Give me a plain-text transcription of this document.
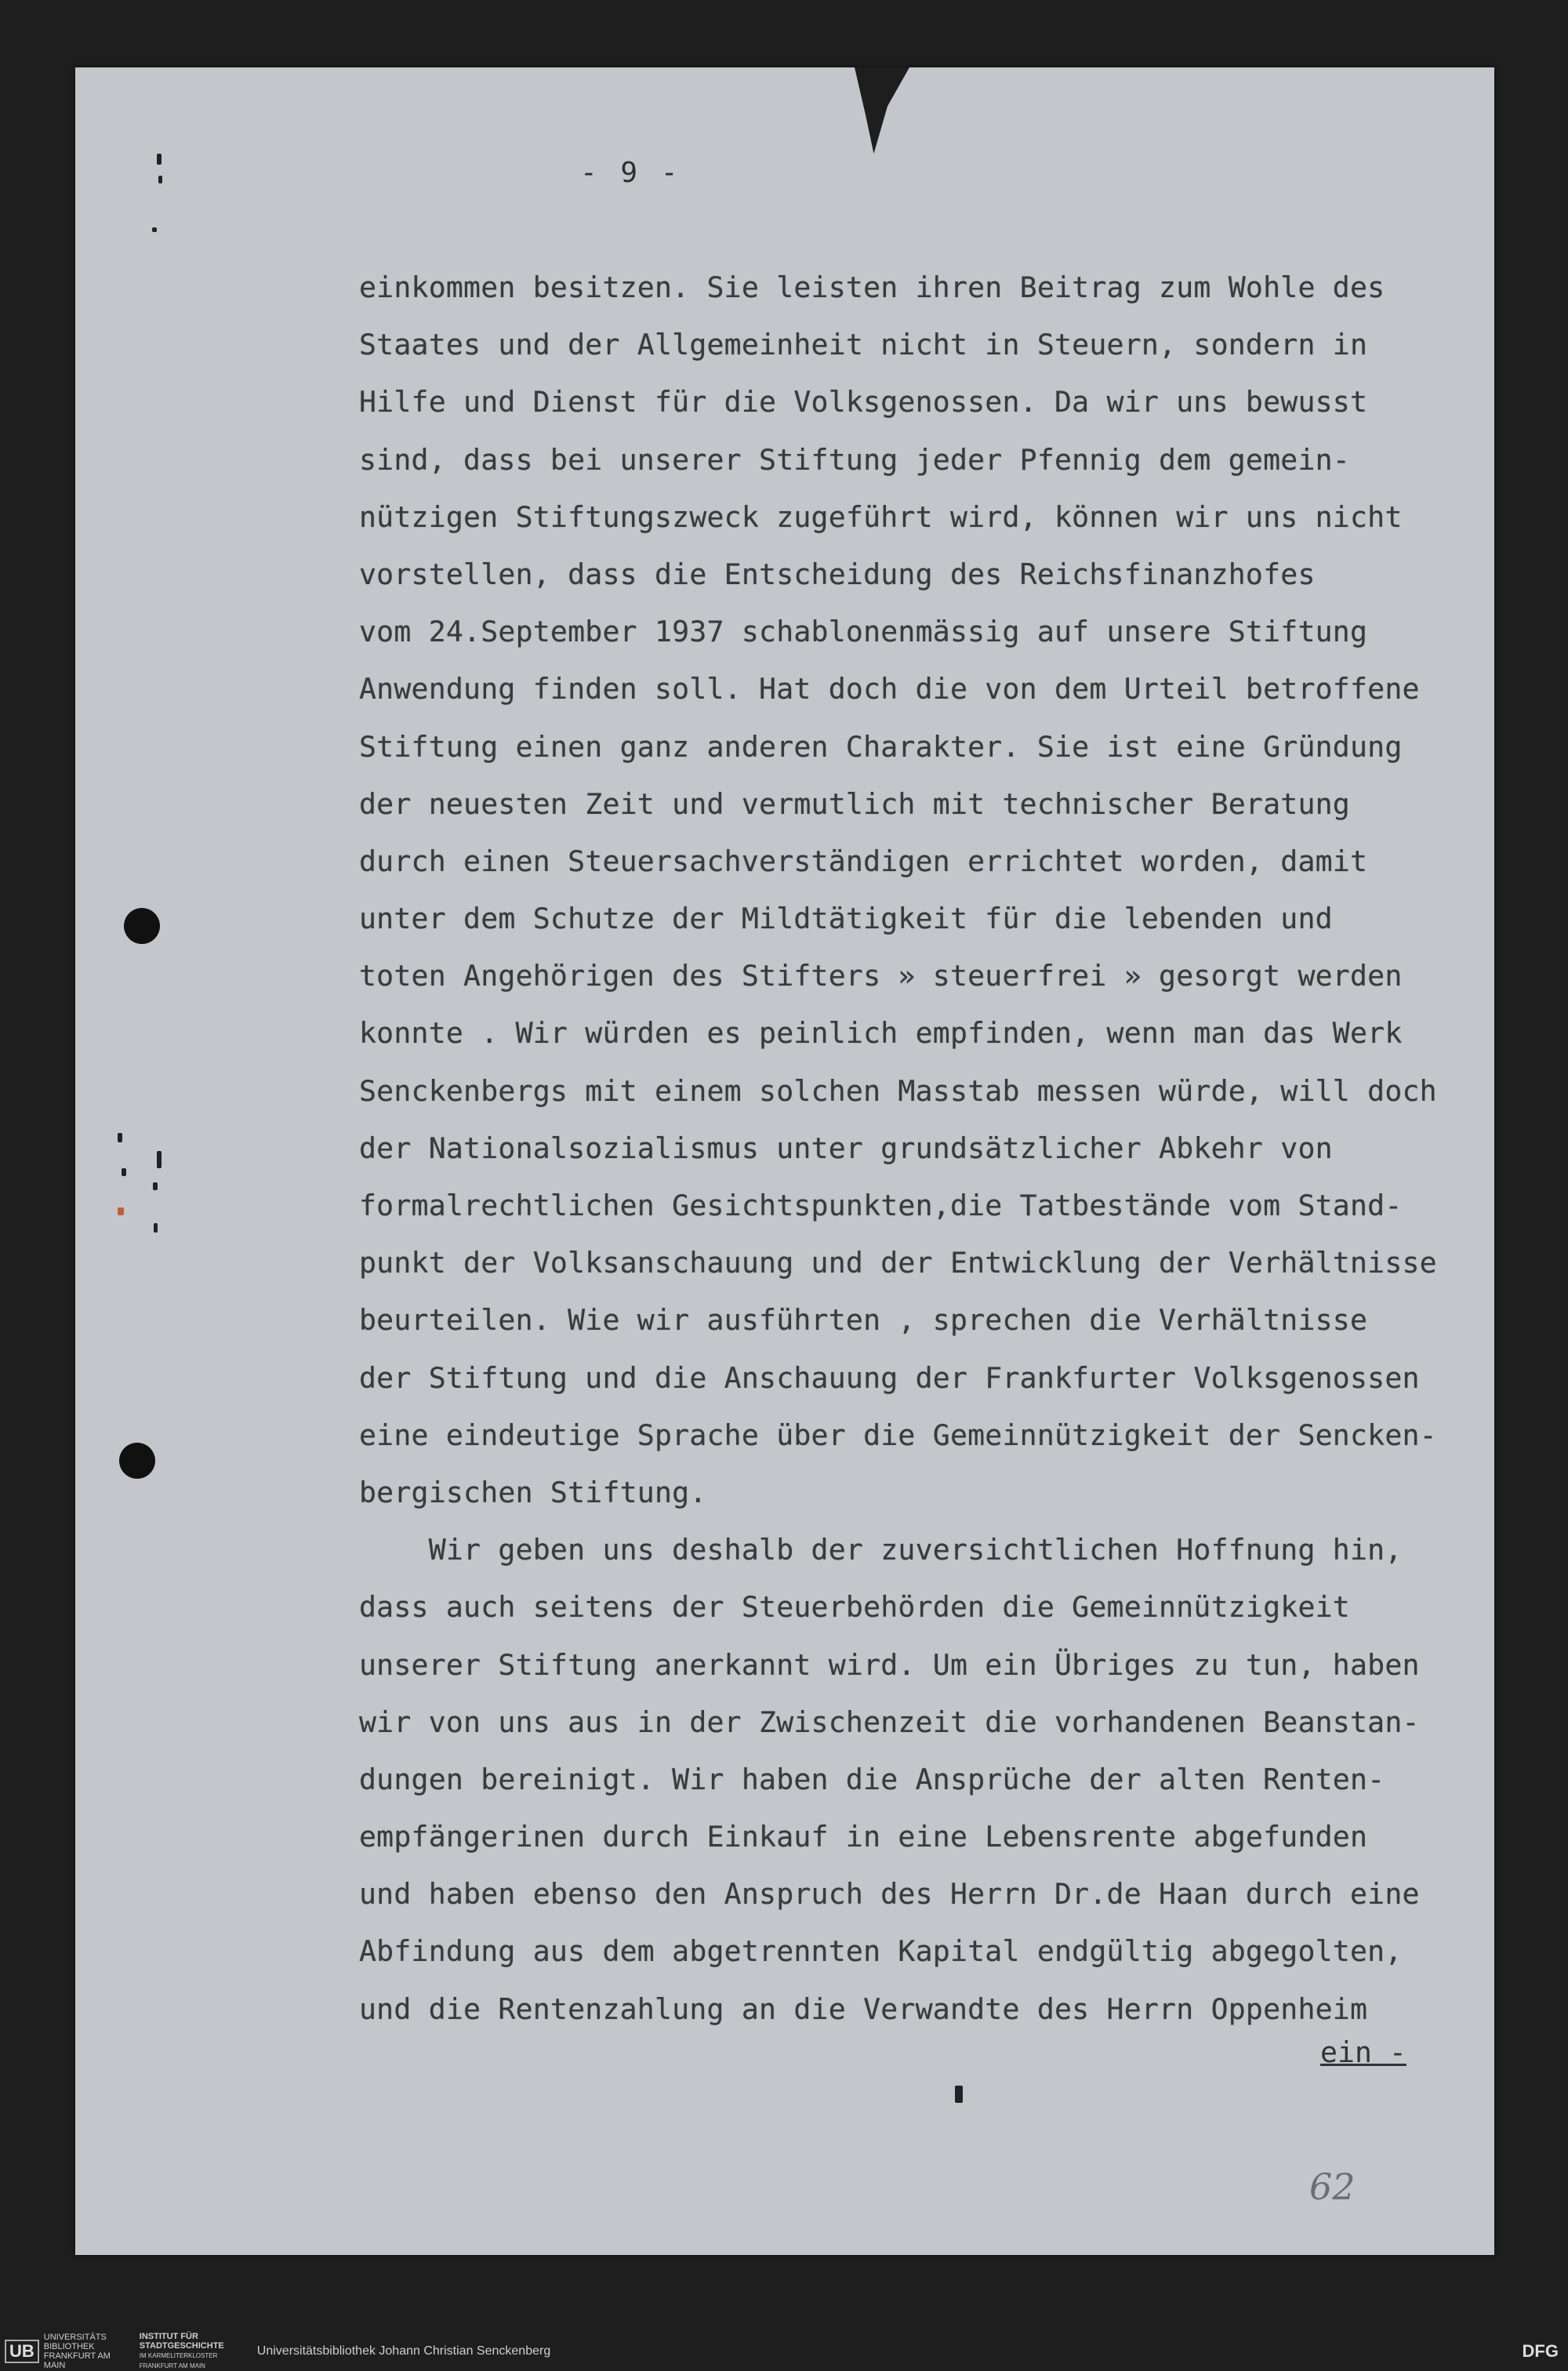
- 9 -
einkommen besitzen. Sie leisten ihren Beitrag zum Wohle des
Staates und der Allgemeinheit nicht in Steuern, sondern in
Hilfe und Dienst für die Volksgenossen. Da wir uns bewusst
sind, dass bei unserer Stiftung jeder Pfennig dem gemein-
nützigen Stiftungszweck zugeführt wird, können wir uns nicht
vorstellen, dass die Entscheidung des Reichsfinanzhofes
vom 24.September 1937 schablonenmässig auf unsere Stiftung
Anwendung finden soll. Hat doch die von dem Urteil betroffene
Stiftung einen ganz anderen Charakter. Sie ist eine Gründung
der neuesten Zeit und vermutlich mit technischer Beratung
durch einen Steuersachverständigen errichtet worden, damit
unter dem Schutze der Mildtätigkeit für die lebenden und
toten Angehörigen des Stifters » steuerfrei » gesorgt werden
konnte . Wir würden es peinlich empfinden, wenn man das Werk
Senckenbergs mit einem solchen Masstab messen würde, will doch
der Nationalsozialismus unter grundsätzlicher Abkehr von
formalrechtlichen Gesichtspunkten,die Tatbestände vom Stand-
punkt der Volksanschauung und der Entwicklung der Verhältnisse
beurteilen. Wie wir ausführten , sprechen die Verhältnisse
der Stiftung und die Anschauung der Frankfurter Volksgenossen
eine eindeutige Sprache über die Gemeinnützigkeit der Sencken-
bergischen Stiftung.
Wir geben uns deshalb der zuversichtlichen Hoffnung hin,
dass auch seitens der Steuerbehörden die Gemeinnützigkeit
unserer Stiftung anerkannt wird. Um ein Übriges zu tun, haben
wir von uns aus in der Zwischenzeit die vorhandenen Beanstan-
dungen bereinigt. Wir haben die Ansprüche der alten Renten-
empfängerinen durch Einkauf in eine Lebensrente abgefunden
und haben ebenso den Anspruch des Herrn Dr.de Haan durch eine
Abfindung aus dem abgetrennten Kapital endgültig abgegolten,
und die Rentenzahlung an die Verwandte des Herrn Oppenheim
ein -
62
UB
UNIVERSITÄTS BIBLIOTHEK FRANKFURT AM MAIN
INSTITUT FÜR STADTGESCHICHTE
IM KARMELITERKLOSTER FRANKFURT AM MAIN
Universitätsbibliothek Johann Christian Senckenberg	DFG
